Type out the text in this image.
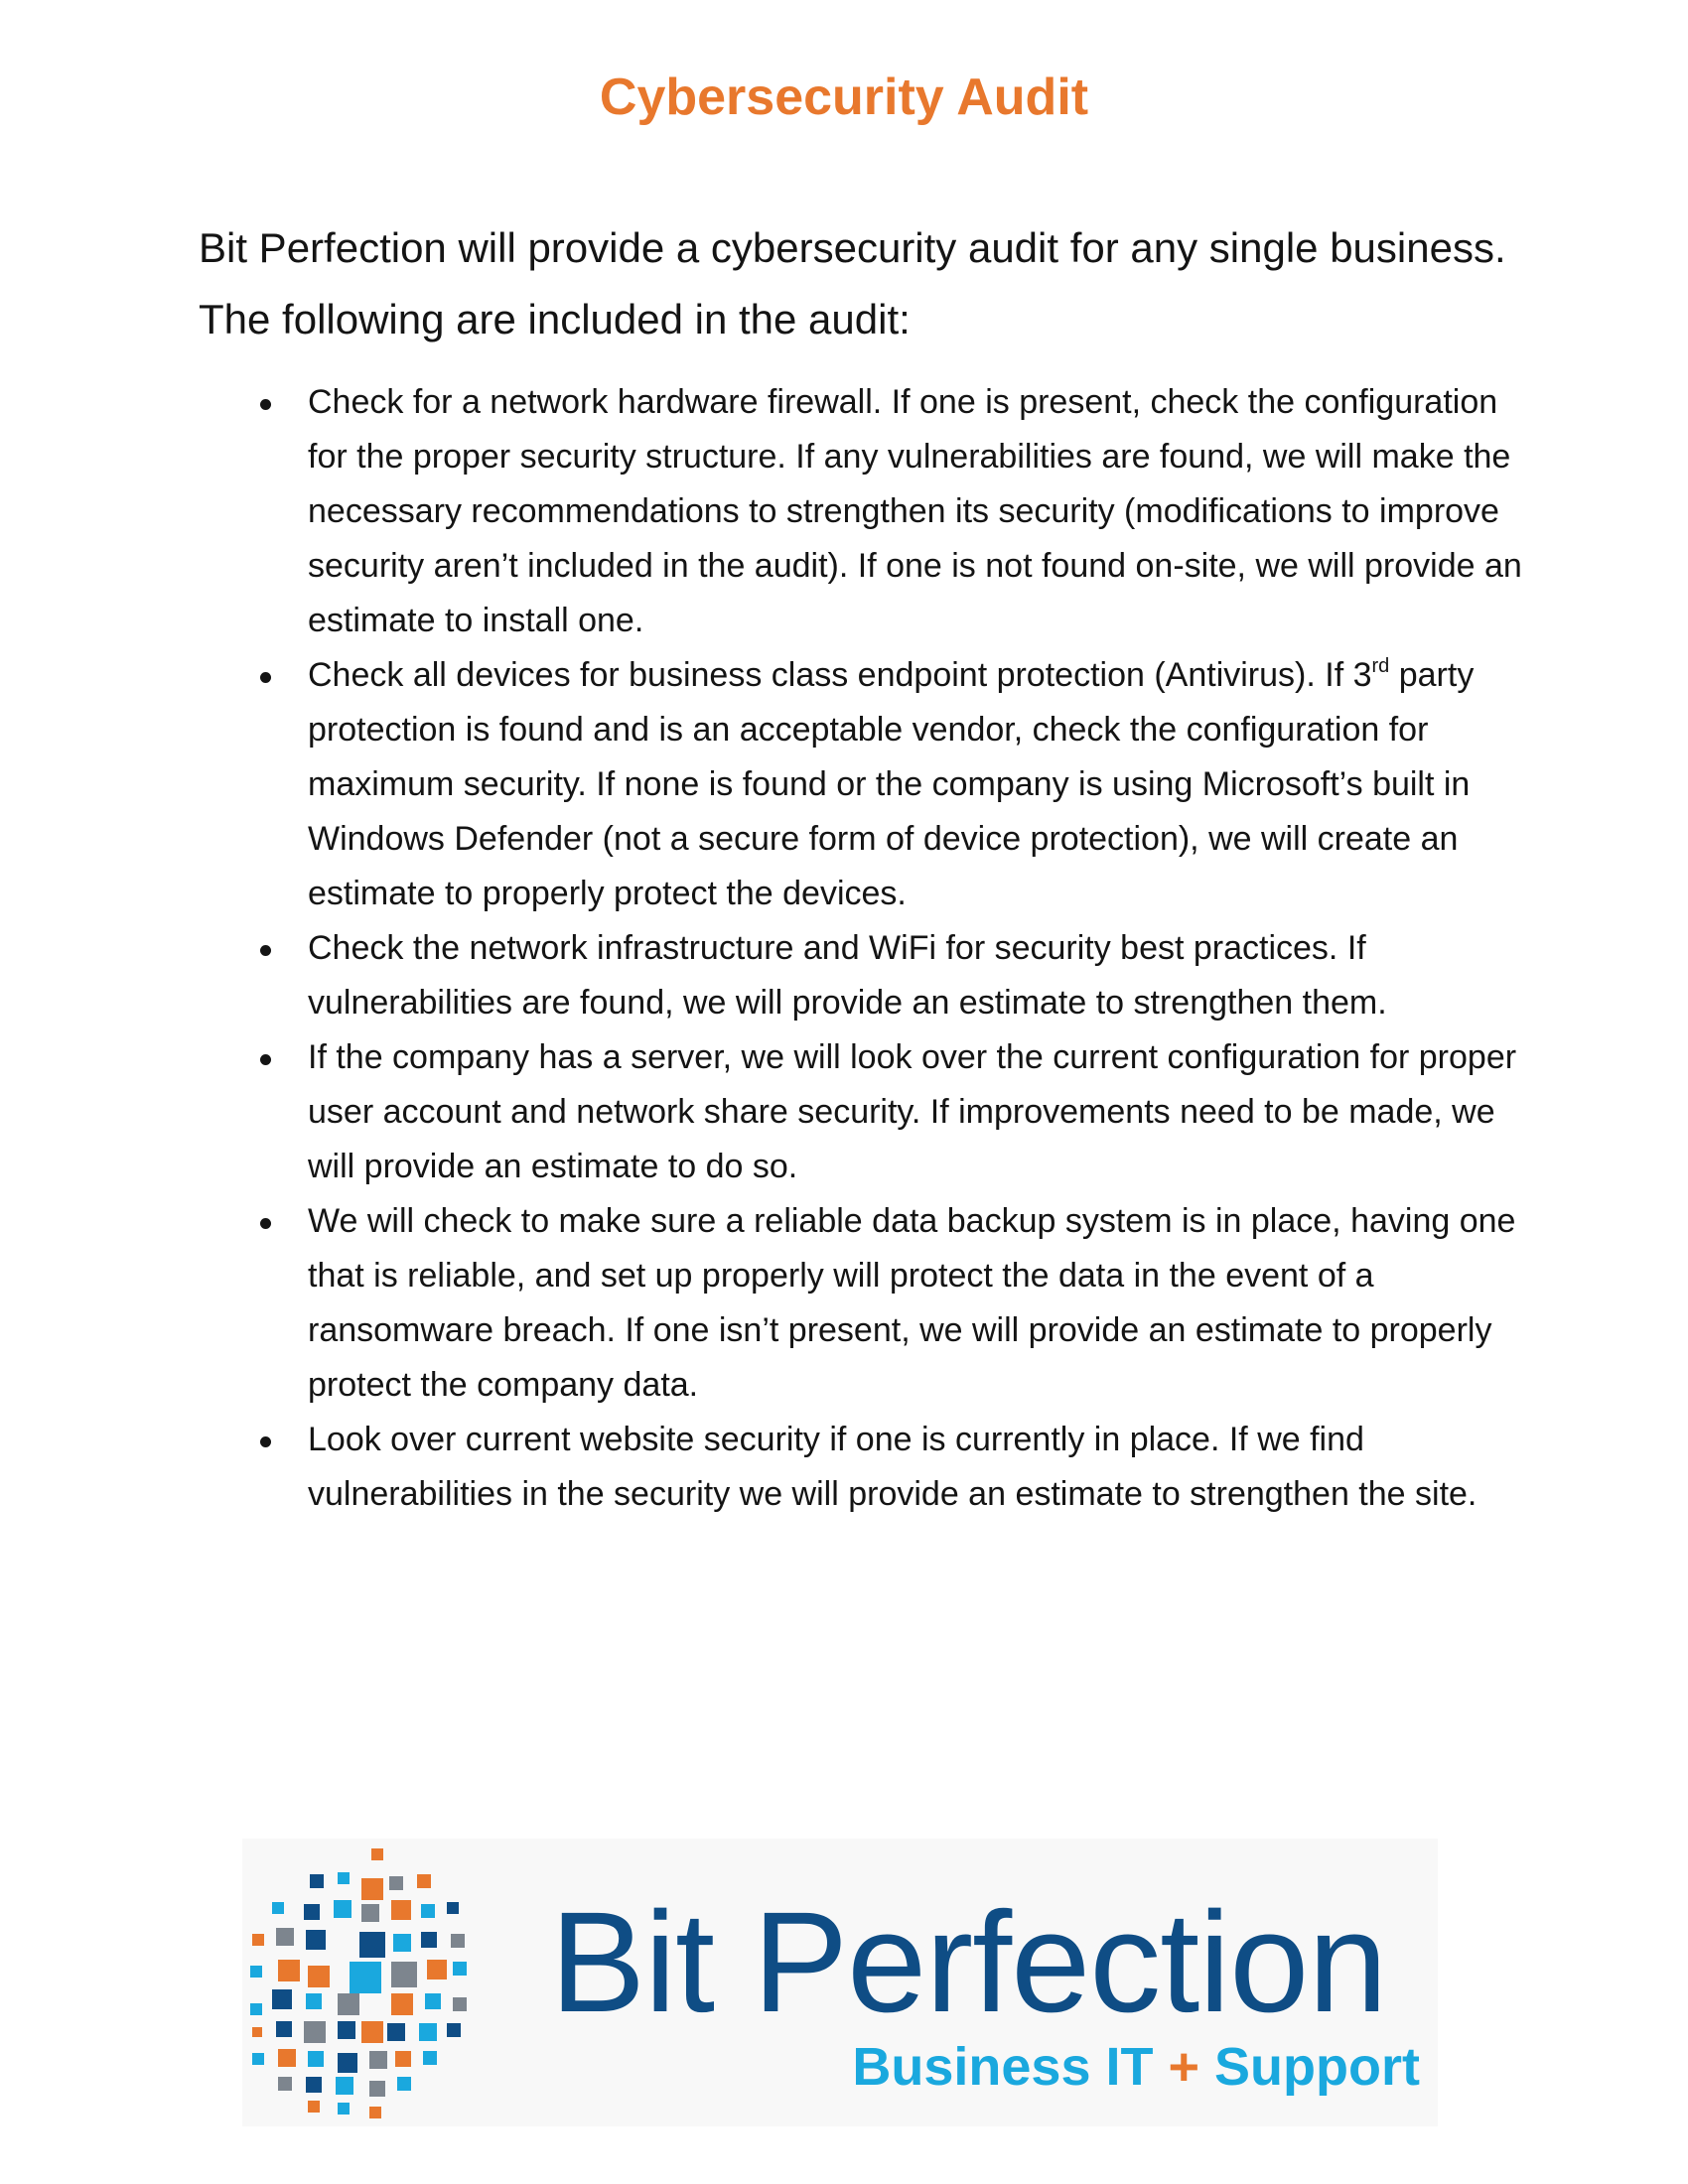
Cybersecurity Audit

Bit Perfection will provide a cybersecurity audit for any single business. The following are included in the audit:

Check for a network hardware firewall. If one is present, check the configuration for the proper security structure. If any vulnerabilities are found, we will make the necessary recommendations to strengthen its security (modifications to improve security aren’t included in the audit). If one is not found on-site, we will provide an estimate to install one.
Check all devices for business class endpoint protection (Antivirus). If 3rd party protection is found and is an acceptable vendor, check the configuration for maximum security. If none is found or the company is using Microsoft’s built in Windows Defender (not a secure form of device protection), we will create an estimate to properly protect the devices.
Check the network infrastructure and WiFi for security best practices. If vulnerabilities are found, we will provide an estimate to strengthen them.
If the company has a server, we will look over the current configuration for proper user account and network share security. If improvements need to be made, we will provide an estimate to do so.
We will check to make sure a reliable data backup system is in place, having one that is reliable, and set up properly will protect the data in the event of a ransomware breach. If one isn’t present, we will provide an estimate to properly protect the company data.
Look over current website security if one is currently in place. If we find vulnerabilities in the security we will provide an estimate to strengthen the site.
Bit Perfection
Business IT + Support
